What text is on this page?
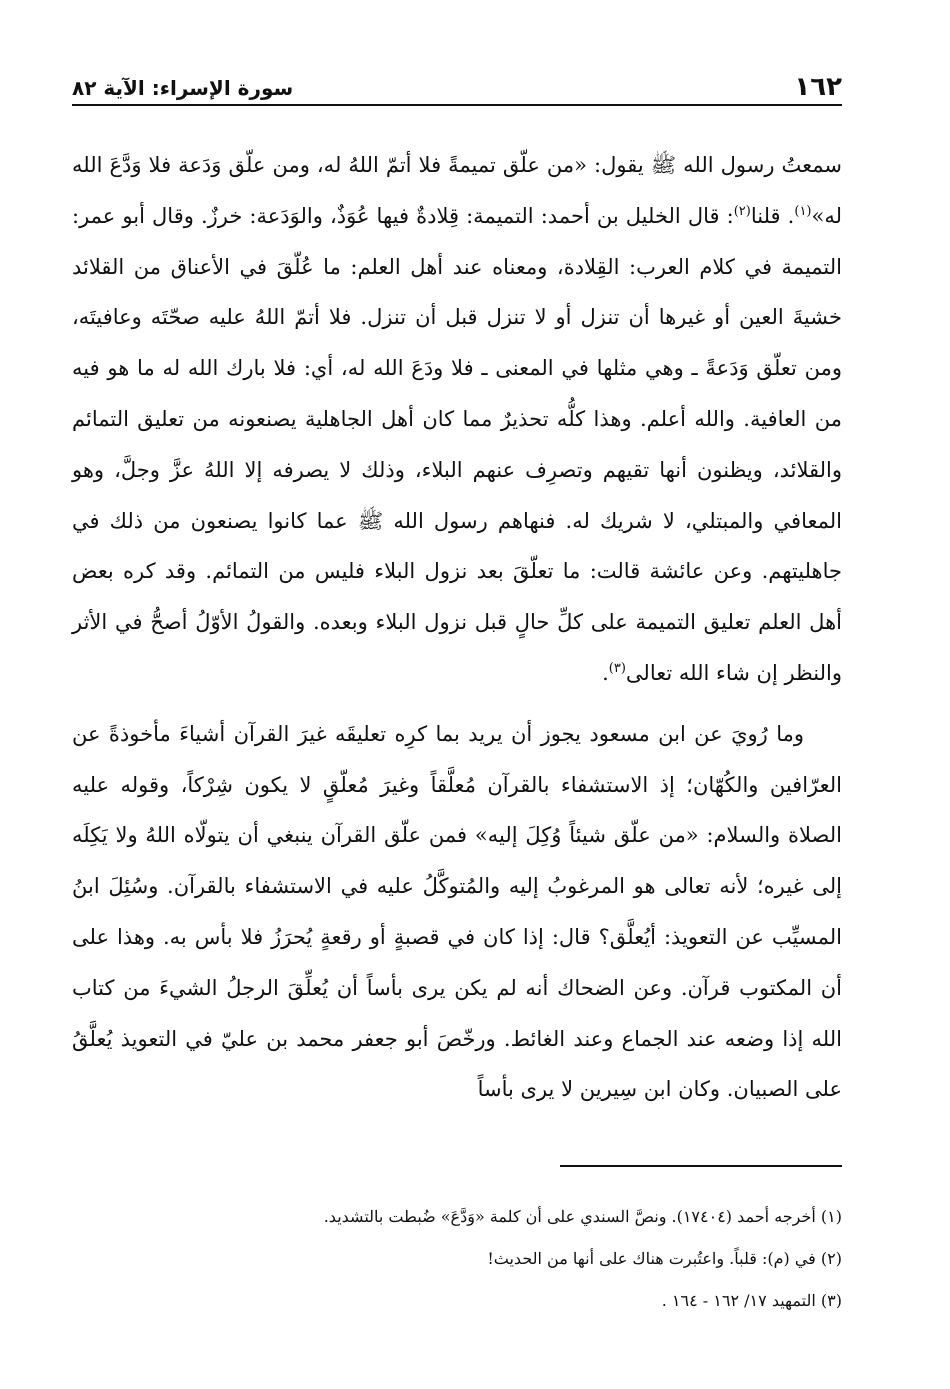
١٦٢
سورة الإسراء: الآية ٨٢

سمعتُ رسول الله ﷺ يقول: «من علّق تميمةً فلا أتمّ اللهُ له، ومن علّق وَدَعة فلا وَدَّعَ الله له»$^{(١)}$. قلنا$^{(٢)}$: قال الخليل بن أحمد: التميمة: قِلادةٌ فيها عُوَذٌ، والوَدَعة: خرزٌ. وقال أبو عمر: التميمة في كلام العرب: القِلادة، ومعناه عند أهل العلم: ما عُلّقَ في الأعناق من القلائد خشيةَ العين أو غيرها أن تنزل أو لا تنزل قبل أن تنزل. فلا أتمّ اللهُ عليه صحّتَه وعافيتَه، ومن تعلّق وَدَعةً ـ وهي مثلها في المعنى ـ فلا ودَعَ الله له، أي: فلا بارك الله له ما هو فيه من العافية. والله أعلم. وهذا كلُّه تحذيرٌ مما كان أهل الجاهلية يصنعونه من تعليق التمائم والقلائد، ويظنون أنها تقيهم وتصرِف عنهم البلاء، وذلك لا يصرفه إلا اللهُ عزَّ وجلَّ، وهو المعافي والمبتلي، لا شريك له. فنهاهم رسول الله ﷺ عما كانوا يصنعون من ذلك في جاهليتهم. وعن عائشة قالت: ما تعلّقَ بعد نزول البلاء فليس من التمائم. وقد كره بعض أهل العلم تعليق التميمة على كلِّ حالٍ قبل نزول البلاء وبعده. والقولُ الأوّلُ أصحُّ في الأثر والنظر إن شاء الله تعالى$^{(٣)}$.

وما رُويَ عن ابن مسعود يجوز أن يريد بما كرِه تعليقَه غيرَ القرآن أشياءَ مأخوذةً عن العرّافين والكُهّان؛ إذ الاستشفاء بالقرآن مُعلَّقاً وغيرَ مُعلّقٍ لا يكون شِرْكاً، وقوله عليه الصلاة والسلام: «من علّق شيئاً وُكِلَ إليه» فمن علّق القرآن ينبغي أن يتولّاه اللهُ ولا يَكِلَه إلى غيره؛ لأنه تعالى هو المرغوبُ إليه والمُتوكَّلُ عليه في الاستشفاء بالقرآن. وسُئِلَ ابنُ المسيِّب عن التعويذ: أيُعلَّق؟ قال: إذا كان في قصبةٍ أو رقعةٍ يُحرَزُ فلا بأس به. وهذا على أن المكتوب قرآن. وعن الضحاك أنه لم يكن يرى بأساً أن يُعلِّقَ الرجلُ الشيءَ من كتاب الله إذا وضعه عند الجماع وعند الغائط. ورخّصَ أبو جعفر محمد بن عليّ في التعويذ يُعلَّقُ على الصبيان. وكان ابن سِيرين لا يرى بأساً

(١) أخرجه أحمد (١٧٤٠٤). ونصَّ السندي على أن كلمة «وَدَّعَ» ضُبطت بالتشديد.

(٢) في (م): قلباً. واعتُبرت هناك على أنها من الحديث!

(٣) التمهيد ١٧/ ١٦٢ - ١٦٤ .
